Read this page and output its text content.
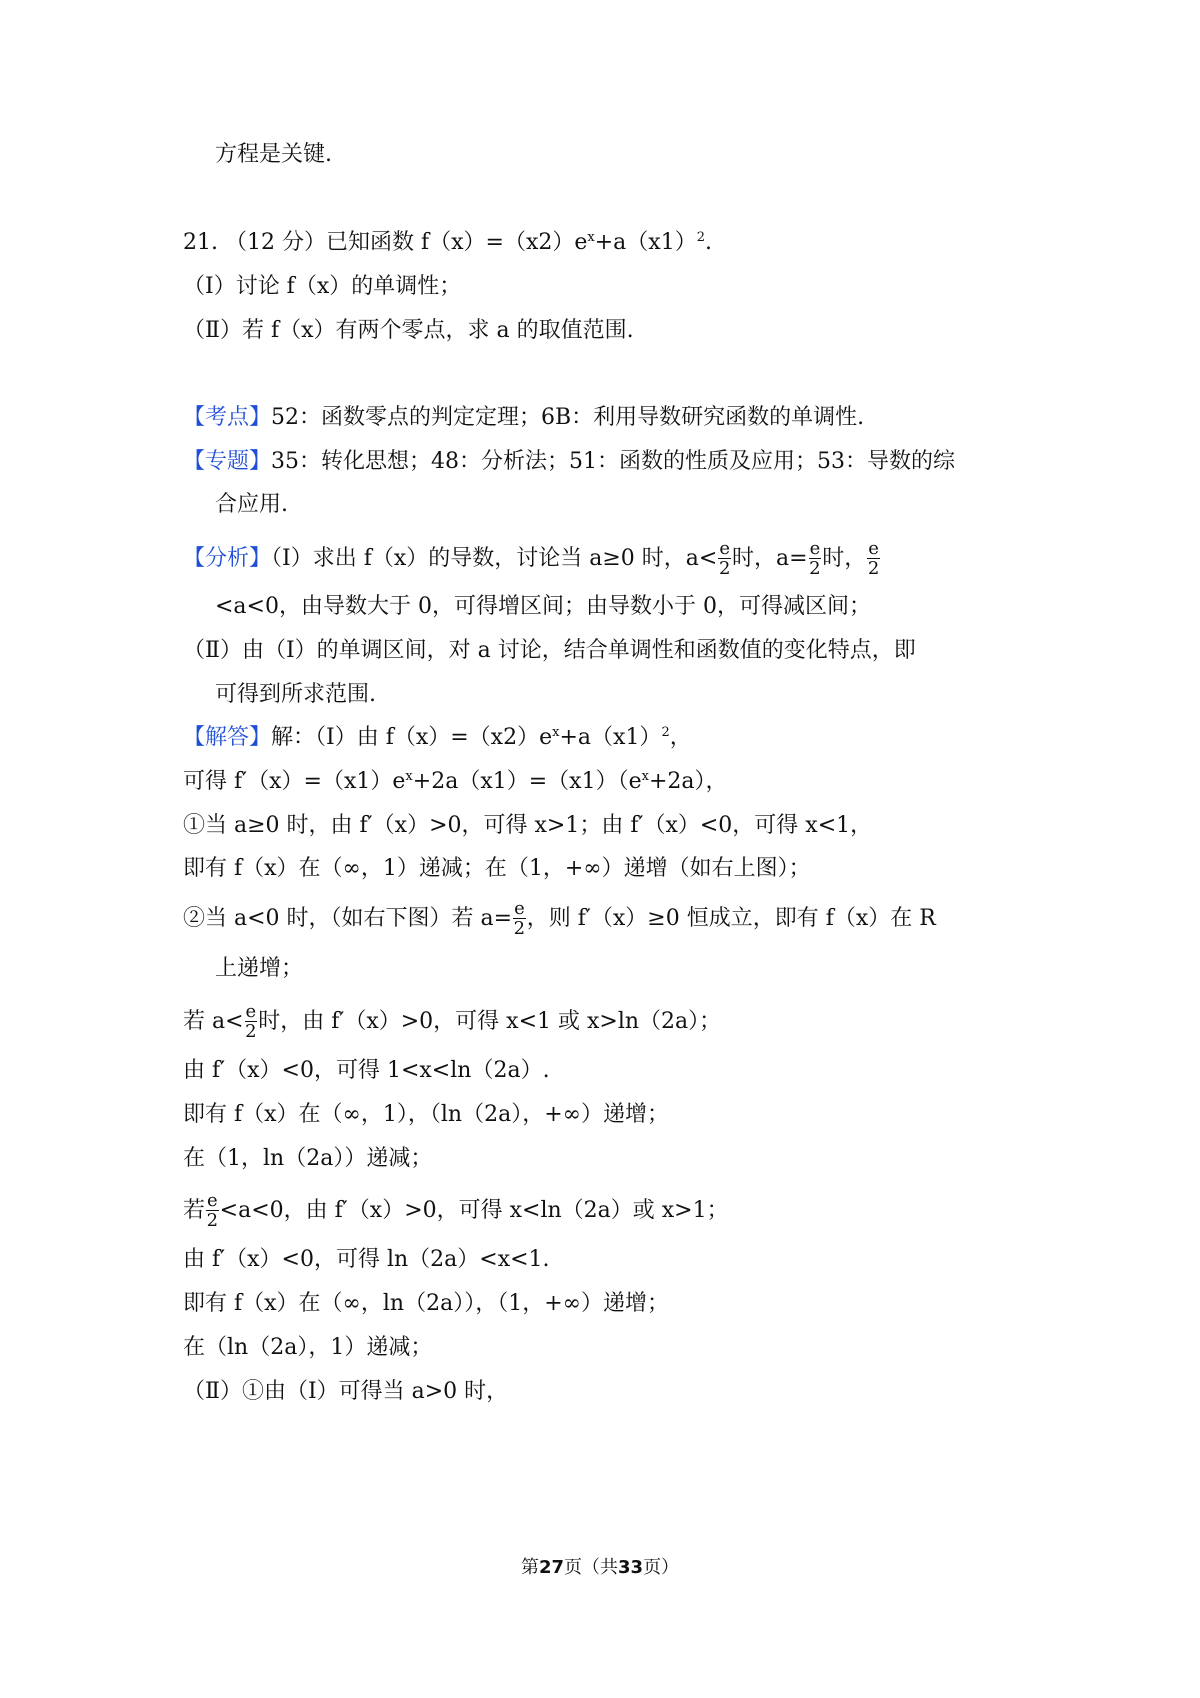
方程是关键.
21. （12 分）已知函数 $f(x)=(x2)e^x+a(x1)^2$.
（Ⅰ）讨论 f（x）的单调性；
（Ⅱ）若 f（x）有两个零点，求 a 的取值范围.
【考点】52：函数零点的判定定理；6B：利用导数研究函数的单调性.
【专题】35：转化思想；48：分析法；51：函数的性质及应用；53：导数的综
合应用.
【分析】（Ⅰ）求出 f（x）的导数，讨论当 a≥0 时，$a< \frac{e}{2}$ 时，$a= \frac{e}{2}$ 时， $\frac{e}{2}$
<a<0，由导数大于 0，可得增区间；由导数小于 0，可得减区间；
（Ⅱ）由（Ⅰ）的单调区间，对 a 讨论，结合单调性和函数值的变化特点，即
可得到所求范围.
【解答】解：（Ⅰ）由 $f(x)=(x2)e^x+a(x1)^2$，
可得 $f'(x)=(x1)e^x+2a(x1)=(x1)(e^x+2a)$，
①当 a≥0 时，由 f′（x）>0，可得 x>1；由 f′（x）<0，可得 x<1，
即有 f（x）在（∞，1）递减；在（1，+∞）递增（如右上图）；
②当 a<0 时，（如右下图）若 $a= \frac{e}{2}$ ，则 f′（x）≥0 恒成立，即有 f（x）在 R
上递增；
若 $a< \frac{e}{2}$ 时，由 f′（x）>0，可得 x<1 或 x>ln（2a）；
由 f′（x）<0，可得 1<x<ln（2a）.
即有 f（x）在（∞，1），（ln（2a），+∞）递增；
在（1，ln（2a））递减；
若 $\frac{e}{2} <a<0$，由 f′（x）>0，可得 x<ln（2a）或 x>1；
由 f′（x）<0，可得 ln（2a）<x<1.
即有 f（x）在（∞，ln（2a）），（1，+∞）递增；
在（ln（2a），1）递减；
（Ⅱ）①由（Ⅰ）可得当 a>0 时，
第27页（共33页）
